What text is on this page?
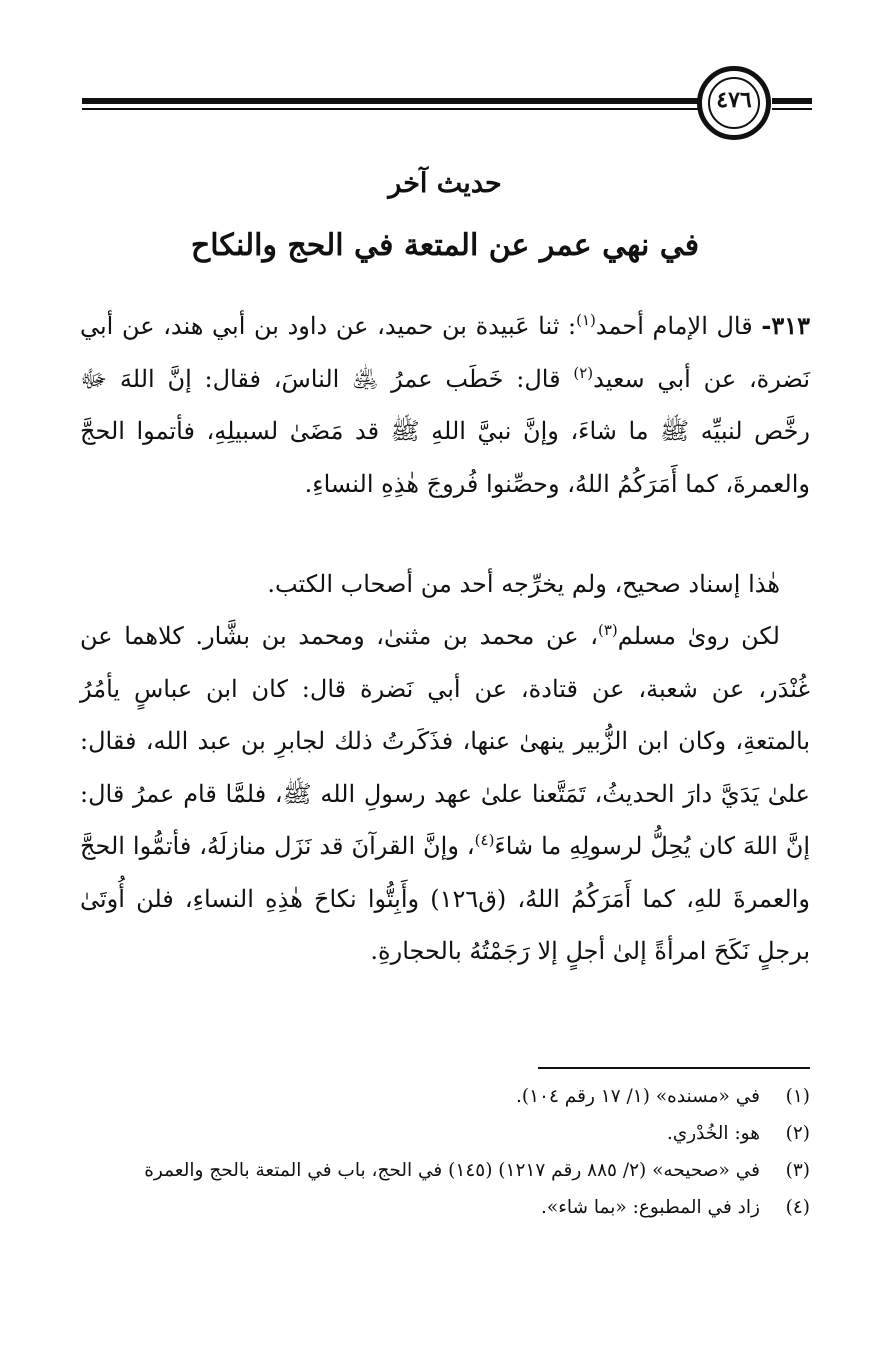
٤٧٦
حديث آخر
في نهي عمر عن المتعة في الحج والنكاح
٣١٣- قال الإمام أحمد$^{(١)}$: ثنا عَبيدة بن حميد، عن داود بن أبي هند، عن أبي نَضرة، عن أبي سعيد$^{(٢)}$ قال: خَطَب عمرُ ﵁ الناسَ، فقال: إنَّ اللهَ ﷻ رخَّص لنبيِّه ﷺ ما شاءَ، وإنَّ نبيَّ اللهِ ﷺ قد مَضَىٰ لسبيلِهِ، فأتموا الحجَّ والعمرةَ، كما أَمَرَكُمُ اللهُ، وحصِّنوا فُروجَ هٰذِهِ النساءِ.
هٰذا إسناد صحيح، ولم يخرِّجه أحد من أصحاب الكتب.
لكن روىٰ مسلم$^{(٣)}$، عن محمد بن مثنىٰ، ومحمد بن بشَّار. كلاهما عن غُنْدَر، عن شعبة، عن قتادة، عن أبي نَضرة قال: كان ابن عباسٍ يأمُرُ بالمتعةِ، وكان ابن الزُّبير ينهىٰ عنها، فذَكَرتُ ذلك لجابرِ بن عبد الله، فقال: علىٰ يَدَيَّ دارَ الحديثُ، تَمَتَّعنا علىٰ عهد رسولِ الله ﷺ، فلمَّا قام عمرُ قال: إنَّ اللهَ كان يُحِلُّ لرسولِهِ ما شاءَ$^{(٤)}$، وإنَّ القرآنَ قد نَزَل منازلَهُ، فأتمُّوا الحجَّ والعمرةَ للهِ، كما أَمَرَكُمُ اللهُ، (ق١٢٦) وأَبِتُّوا نكاحَ هٰذِهِ النساءِ، فلن أُوتَىٰ برجلٍ نَكَحَ امرأةً إلىٰ أجلٍ إلا رَجَمْتُهُ بالحجارةِ.
(١)
في «مسنده» (١/ ١٧ رقم ١٠٤).
(٢)
هو: الخُدْري.
(٣)
في «صحيحه» (٢/ ٨٨٥ رقم ١٢١٧) (١٤٥) في الحج، باب في المتعة بالحج والعمرة
(٤)
زاد في المطبوع: «بما شاء».
